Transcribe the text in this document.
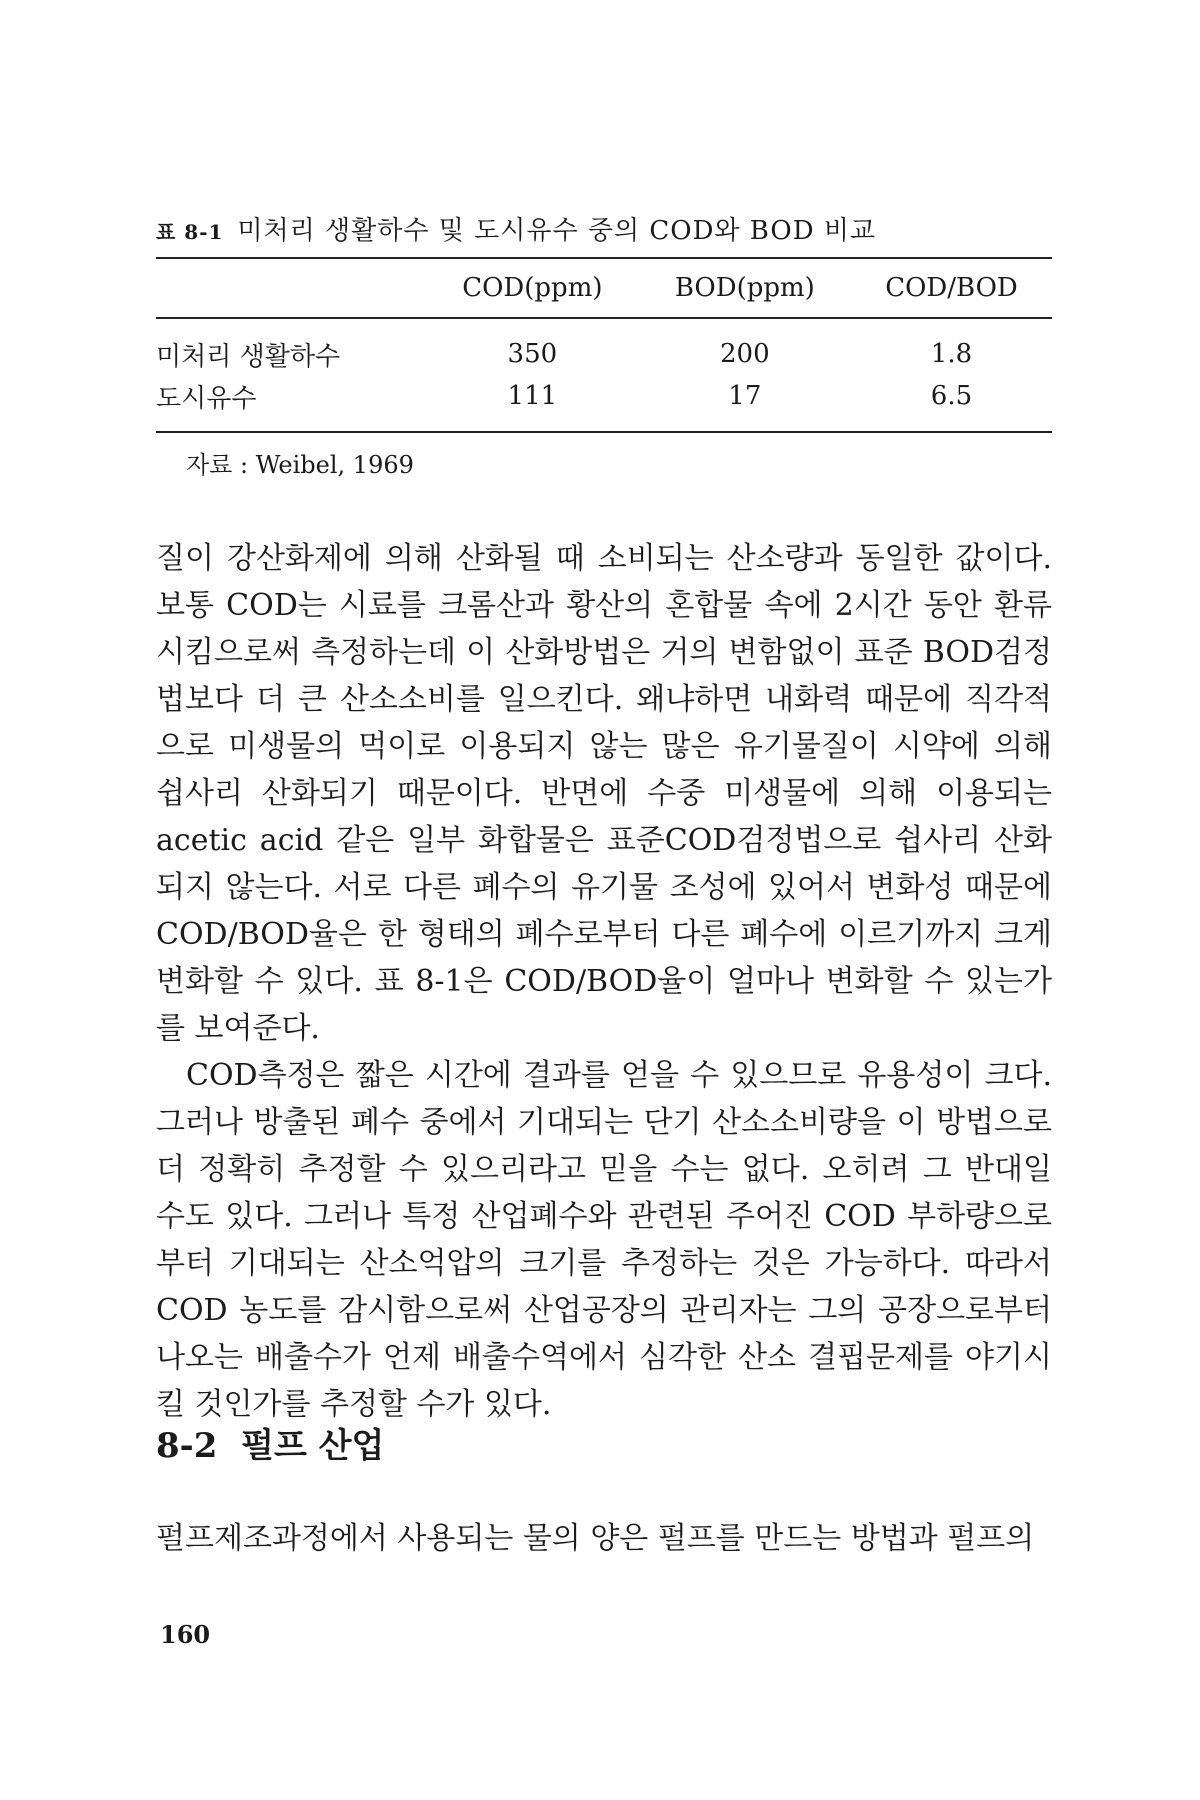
표 8-1 미처리 생활하수 및 도시유수 중의 COD와 BOD 비교
	COD(ppm)	BOD(ppm)	COD/BOD
미처리 생활하수	350	200	1.8
도시유수	111	17	6.5
자료 : Weibel, 1969

질이 강산화제에 의해 산화될 때 소비되는 산소량과 동일한 값이다. 보통 COD는 시료를 크롬산과 황산의 혼합물 속에 2시간 동안 환류시킴으로써 측정하는데 이 산화방법은 거의 변함없이 표준 BOD검정법보다 더 큰 산소소비를 일으킨다. 왜냐하면 내화력 때문에 직각적으로 미생물의 먹이로 이용되지 않는 많은 유기물질이 시약에 의해 쉽사리 산화되기 때문이다. 반면에 수중 미생물에 의해 이용되는 acetic acid 같은 일부 화합물은 표준COD검정법으로 쉽사리 산화되지 않는다. 서로 다른 폐수의 유기물 조성에 있어서 변화성 때문에 COD/BOD율은 한 형태의 폐수로부터 다른 폐수에 이르기까지 크게 변화할 수 있다. 표 8-1은 COD/BOD율이 얼마나 변화할 수 있는가를 보여준다.

COD측정은 짧은 시간에 결과를 얻을 수 있으므로 유용성이 크다. 그러나 방출된 폐수 중에서 기대되는 단기 산소소비량을 이 방법으로 더 정확히 추정할 수 있으리라고 믿을 수는 없다. 오히려 그 반대일 수도 있다. 그러나 특정 산업폐수와 관련된 주어진 COD 부하량으로부터 기대되는 산소억압의 크기를 추정하는 것은 가능하다. 따라서 COD 농도를 감시함으로써 산업공장의 관리자는 그의 공장으로부터 나오는 배출수가 언제 배출수역에서 심각한 산소 결핍문제를 야기시킬 것인가를 추정할 수가 있다.

8-2 펄프 산업

펄프제조과정에서 사용되는 물의 양은 펄프를 만드는 방법과 펄프의

160
